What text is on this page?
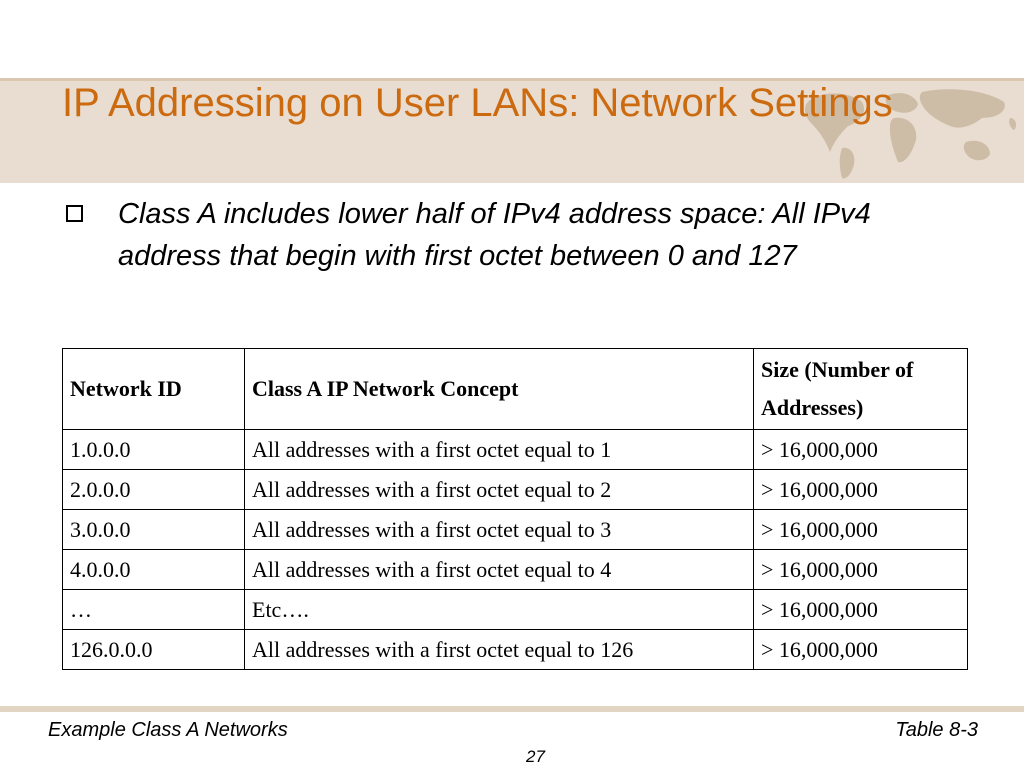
IP Addressing on User LANs: Network Settings
Class A includes lower half of IPv4 address space: All IPv4 address that begin with first octet between 0 and 127
Network ID	Class A IP Network Concept	Size (Number of Addresses)
1.0.0.0	All addresses with a first octet equal to 1	> 16,000,000
2.0.0.0	All addresses with a first octet equal to 2	> 16,000,000
3.0.0.0	All addresses with a first octet equal to 3	> 16,000,000
4.0.0.0	All addresses with a first octet equal to 4	> 16,000,000
…	Etc….	> 16,000,000
126.0.0.0	All addresses with a first octet equal to 126	> 16,000,000
Example Class A Networks	Table 8-3
27
